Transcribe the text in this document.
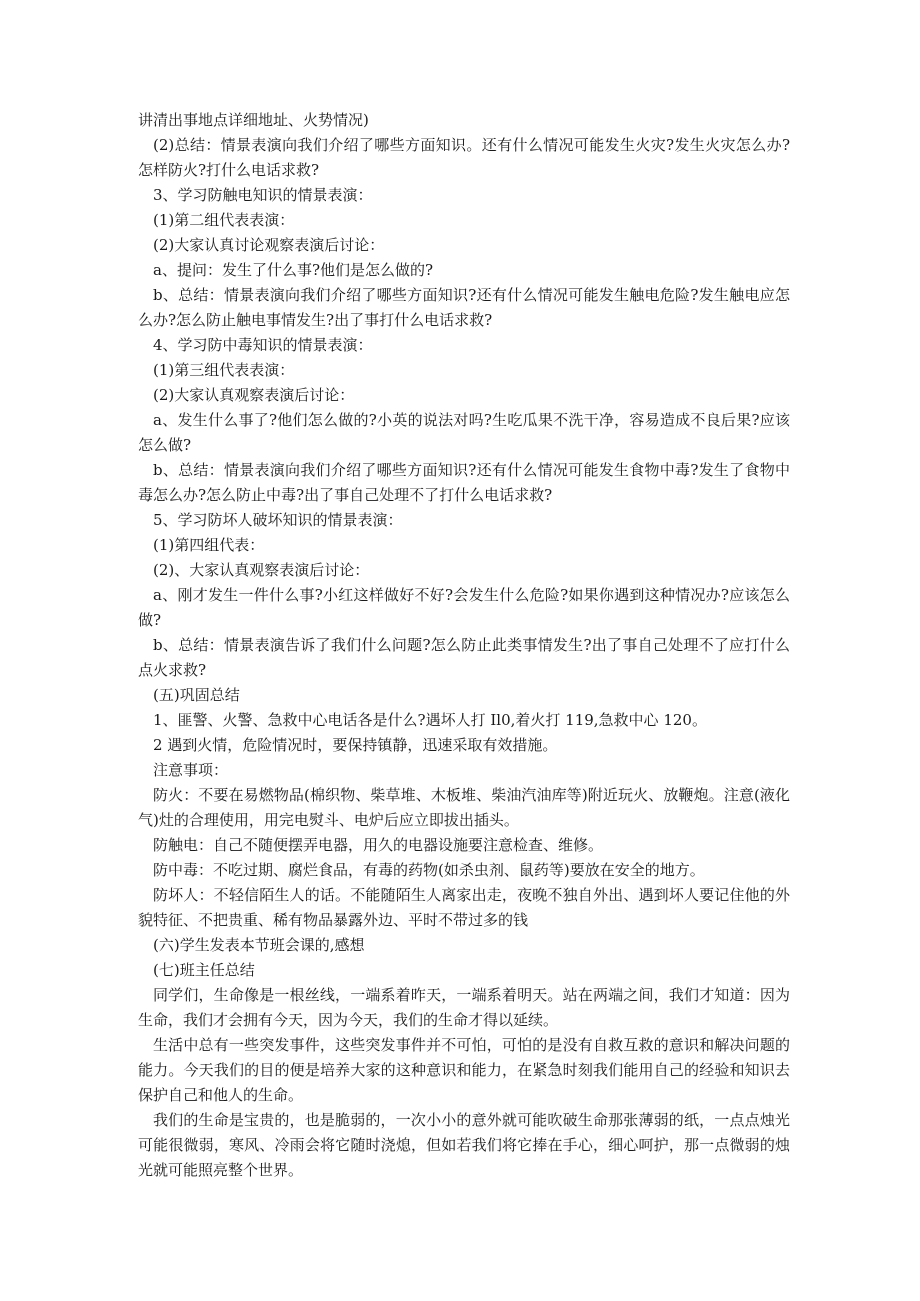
讲清出事地点详细地址、火势情况)

(2)总结：情景表演向我们介绍了哪些方面知识。还有什么情况可能发生火灾?发生火灾怎么办?怎样防火?打什么电话求救?

3、学习防触电知识的情景表演：

(1)第二组代表表演：

(2)大家认真讨论观察表演后讨论：

a、提问：发生了什么事?他们是怎么做的?

b、总结：情景表演向我们介绍了哪些方面知识?还有什么情况可能发生触电危险?发生触电应怎么办?怎么防止触电事情发生?出了事打什么电话求救?

4、学习防中毒知识的情景表演：

(1)第三组代表表演：

(2)大家认真观察表演后讨论：

a、发生什么事了?他们怎么做的?小英的说法对吗?生吃瓜果不洗干净，容易造成不良后果?应该怎么做?

b、总结：情景表演向我们介绍了哪些方面知识?还有什么情况可能发生食物中毒?发生了食物中毒怎么办?怎么防止中毒?出了事自己处理不了打什么电话求救?

5、学习防坏人破坏知识的情景表演：

(1)第四组代表：

(2)、大家认真观察表演后讨论：

a、刚才发生一件什么事?小红这样做好不好?会发生什么危险?如果你遇到这种情况办?应该怎么做?

b、总结：情景表演告诉了我们什么问题?怎么防止此类事情发生?出了事自己处理不了应打什么点火求救?

(五)巩固总结

1、匪警、火警、急救中心电话各是什么?遇坏人打 Il0,着火打 119,急救中心 120。

2 遇到火情，危险情况时，要保持镇静，迅速采取有效措施。

注意事项：

防火：不要在易燃物品(棉织物、柴草堆、木板堆、柴油汽油库等)附近玩火、放鞭炮。注意(液化气)灶的合理使用，用完电熨斗、电炉后应立即拔出插头。

防触电：自己不随便摆弄电器，用久的电器设施要注意检查、维修。

防中毒：不吃过期、腐烂食品，有毒的药物(如杀虫剂、鼠药等)要放在安全的地方。

防坏人：不轻信陌生人的话。不能随陌生人离家出走，夜晚不独自外出、遇到坏人要记住他的外貌特征、不把贵重、稀有物品暴露外边、平时不带过多的钱

(六)学生发表本节班会课的,感想

(七)班主任总结

同学们，生命像是一根丝线，一端系着昨天，一端系着明天。站在两端之间，我们才知道：因为生命，我们才会拥有今天，因为今天，我们的生命才得以延续。

生活中总有一些突发事件，这些突发事件并不可怕，可怕的是没有自救互救的意识和解决问题的能力。今天我们的目的便是培养大家的这种意识和能力，在紧急时刻我们能用自己的经验和知识去保护自己和他人的生命。

我们的生命是宝贵的，也是脆弱的，一次小小的意外就可能吹破生命那张薄弱的纸，一点点烛光可能很微弱，寒风、冷雨会将它随时浇熄，但如若我们将它捧在手心，细心呵护，那一点微弱的烛光就可能照亮整个世界。
